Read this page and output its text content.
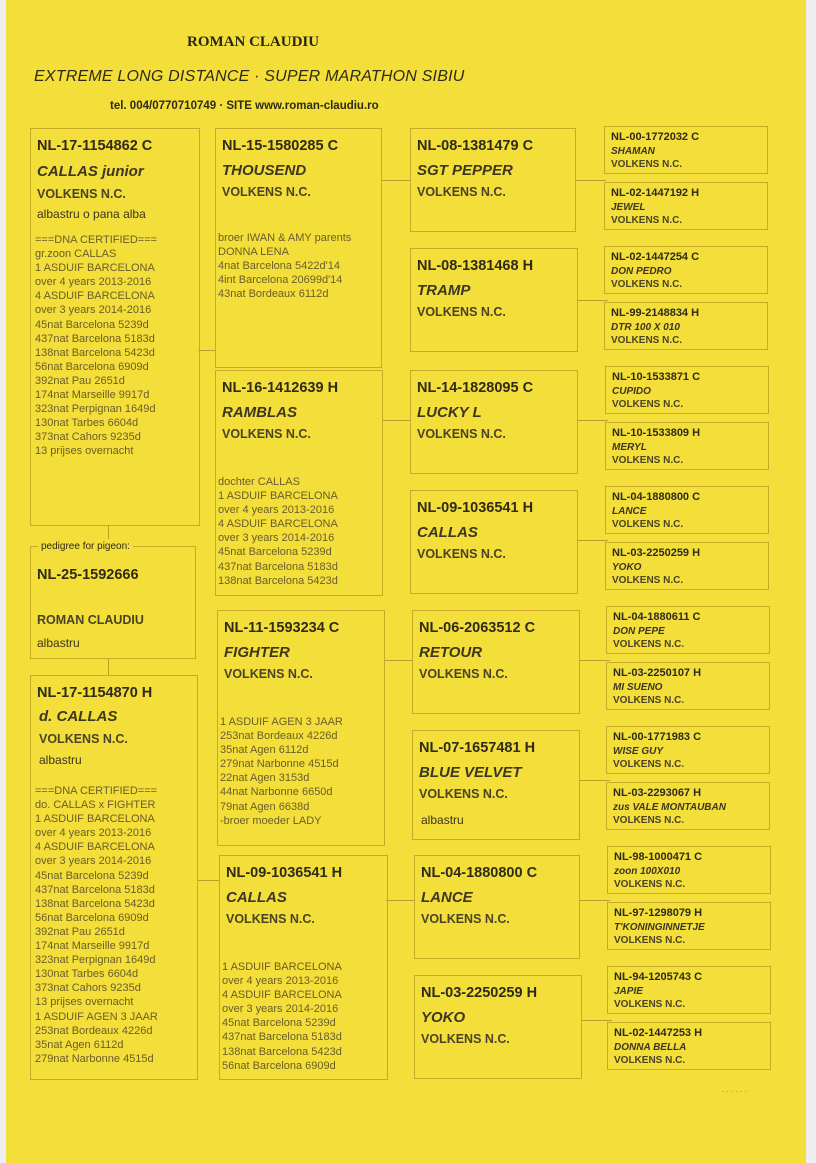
ROMAN CLAUDIU
EXTREME LONG DISTANCE · SUPER MARATHON SIBIU
tel. 004/0770710749 · SITE www.roman-claudiu.ro
NL-17-1154862 C
CALLAS junior
VOLKENS N.C.
albastru o pana alba
===DNA CERTIFIED===
gr.zoon CALLAS
1 ASDUIF BARCELONA
over 4 years 2013-2016
4 ASDUIF BARCELONA
over 3 years 2014-2016
45nat Barcelona 5239d
437nat Barcelona 5183d
138nat Barcelona 5423d
56nat Barcelona 6909d
392nat Pau 2651d
174nat Marseille 9917d
323nat Perpignan 1649d
130nat Tarbes 6604d
373nat Cahors 9235d
13 prijses overnacht
NL-25-1592666
ROMAN CLAUDIU
albastru
pedigree for pigeon:
NL-17-1154870 H
d. CALLAS
VOLKENS N.C.
albastru
===DNA CERTIFIED===
do. CALLAS x FIGHTER
1 ASDUIF BARCELONA
over 4 years 2013-2016
4 ASDUIF BARCELONA
over 3 years 2014-2016
45nat Barcelona 5239d
437nat Barcelona 5183d
138nat Barcelona 5423d
56nat Barcelona 6909d
392nat Pau 2651d
174nat Marseille 9917d
323nat Perpignan 1649d
130nat Tarbes 6604d
373nat Cahors 9235d
13 prijses overnacht
1 ASDUIF AGEN 3 JAAR
253nat Bordeaux 4226d
35nat Agen 6112d
279nat Narbonne 4515d
NL-15-1580285 C
THOUSEND
VOLKENS N.C.
broer IWAN & AMY parents
DONNA LENA
4nat Barcelona 5422d'14
4int Barcelona 20699d'14
43nat Bordeaux 6112d
NL-16-1412639 H
RAMBLAS
VOLKENS N.C.
dochter CALLAS
1 ASDUIF BARCELONA
over 4 years 2013-2016
4 ASDUIF BARCELONA
over 3 years 2014-2016
45nat Barcelona 5239d
437nat Barcelona 5183d
138nat Barcelona 5423d
NL-11-1593234 C
FIGHTER
VOLKENS N.C.
1 ASDUIF AGEN 3 JAAR
253nat Bordeaux 4226d
35nat Agen 6112d
279nat Narbonne 4515d
22nat Agen 3153d
44nat Narbonne 6650d
79nat Agen 6638d
-broer moeder LADY
NL-09-1036541 H
CALLAS
VOLKENS N.C.
1 ASDUIF BARCELONA
over 4 years 2013-2016
4 ASDUIF BARCELONA
over 3 years 2014-2016
45nat Barcelona 5239d
437nat Barcelona 5183d
138nat Barcelona 5423d
56nat Barcelona 6909d
NL-08-1381479 C
SGT PEPPER
VOLKENS N.C.
NL-08-1381468 H
TRAMP
VOLKENS N.C.
NL-14-1828095 C
LUCKY L
VOLKENS N.C.
NL-09-1036541 H
CALLAS
VOLKENS N.C.
NL-06-2063512 C
RETOUR
VOLKENS N.C.
NL-07-1657481 H
BLUE VELVET
VOLKENS N.C.
albastru
NL-04-1880800 C
LANCE
VOLKENS N.C.
NL-03-2250259 H
YOKO
VOLKENS N.C.
NL-00-1772032 C
SHAMAN
VOLKENS N.C.
NL-02-1447192 H
JEWEL
VOLKENS N.C.
NL-02-1447254 C
DON PEDRO
VOLKENS N.C.
NL-99-2148834 H
DTR 100 X 010
VOLKENS N.C.
NL-10-1533871 C
CUPIDO
VOLKENS N.C.
NL-10-1533809 H
MERYL
VOLKENS N.C.
NL-04-1880800 C
LANCE
VOLKENS N.C.
NL-03-2250259 H
YOKO
VOLKENS N.C.
NL-04-1880611 C
DON PEPE
VOLKENS N.C.
NL-03-2250107 H
MI SUENO
VOLKENS N.C.
NL-00-1771983 C
WISE GUY
VOLKENS N.C.
NL-03-2293067 H
zus VALE MONTAUBAN
VOLKENS N.C.
NL-98-1000471 C
zoon 100X010
VOLKENS N.C.
NL-97-1298079 H
T'KONINGINNETJE
VOLKENS N.C.
NL-94-1205743 C
JAPIE
VOLKENS N.C.
NL-02-1447253 H
DONNA BELLA
VOLKENS N.C.
. . . . . .
